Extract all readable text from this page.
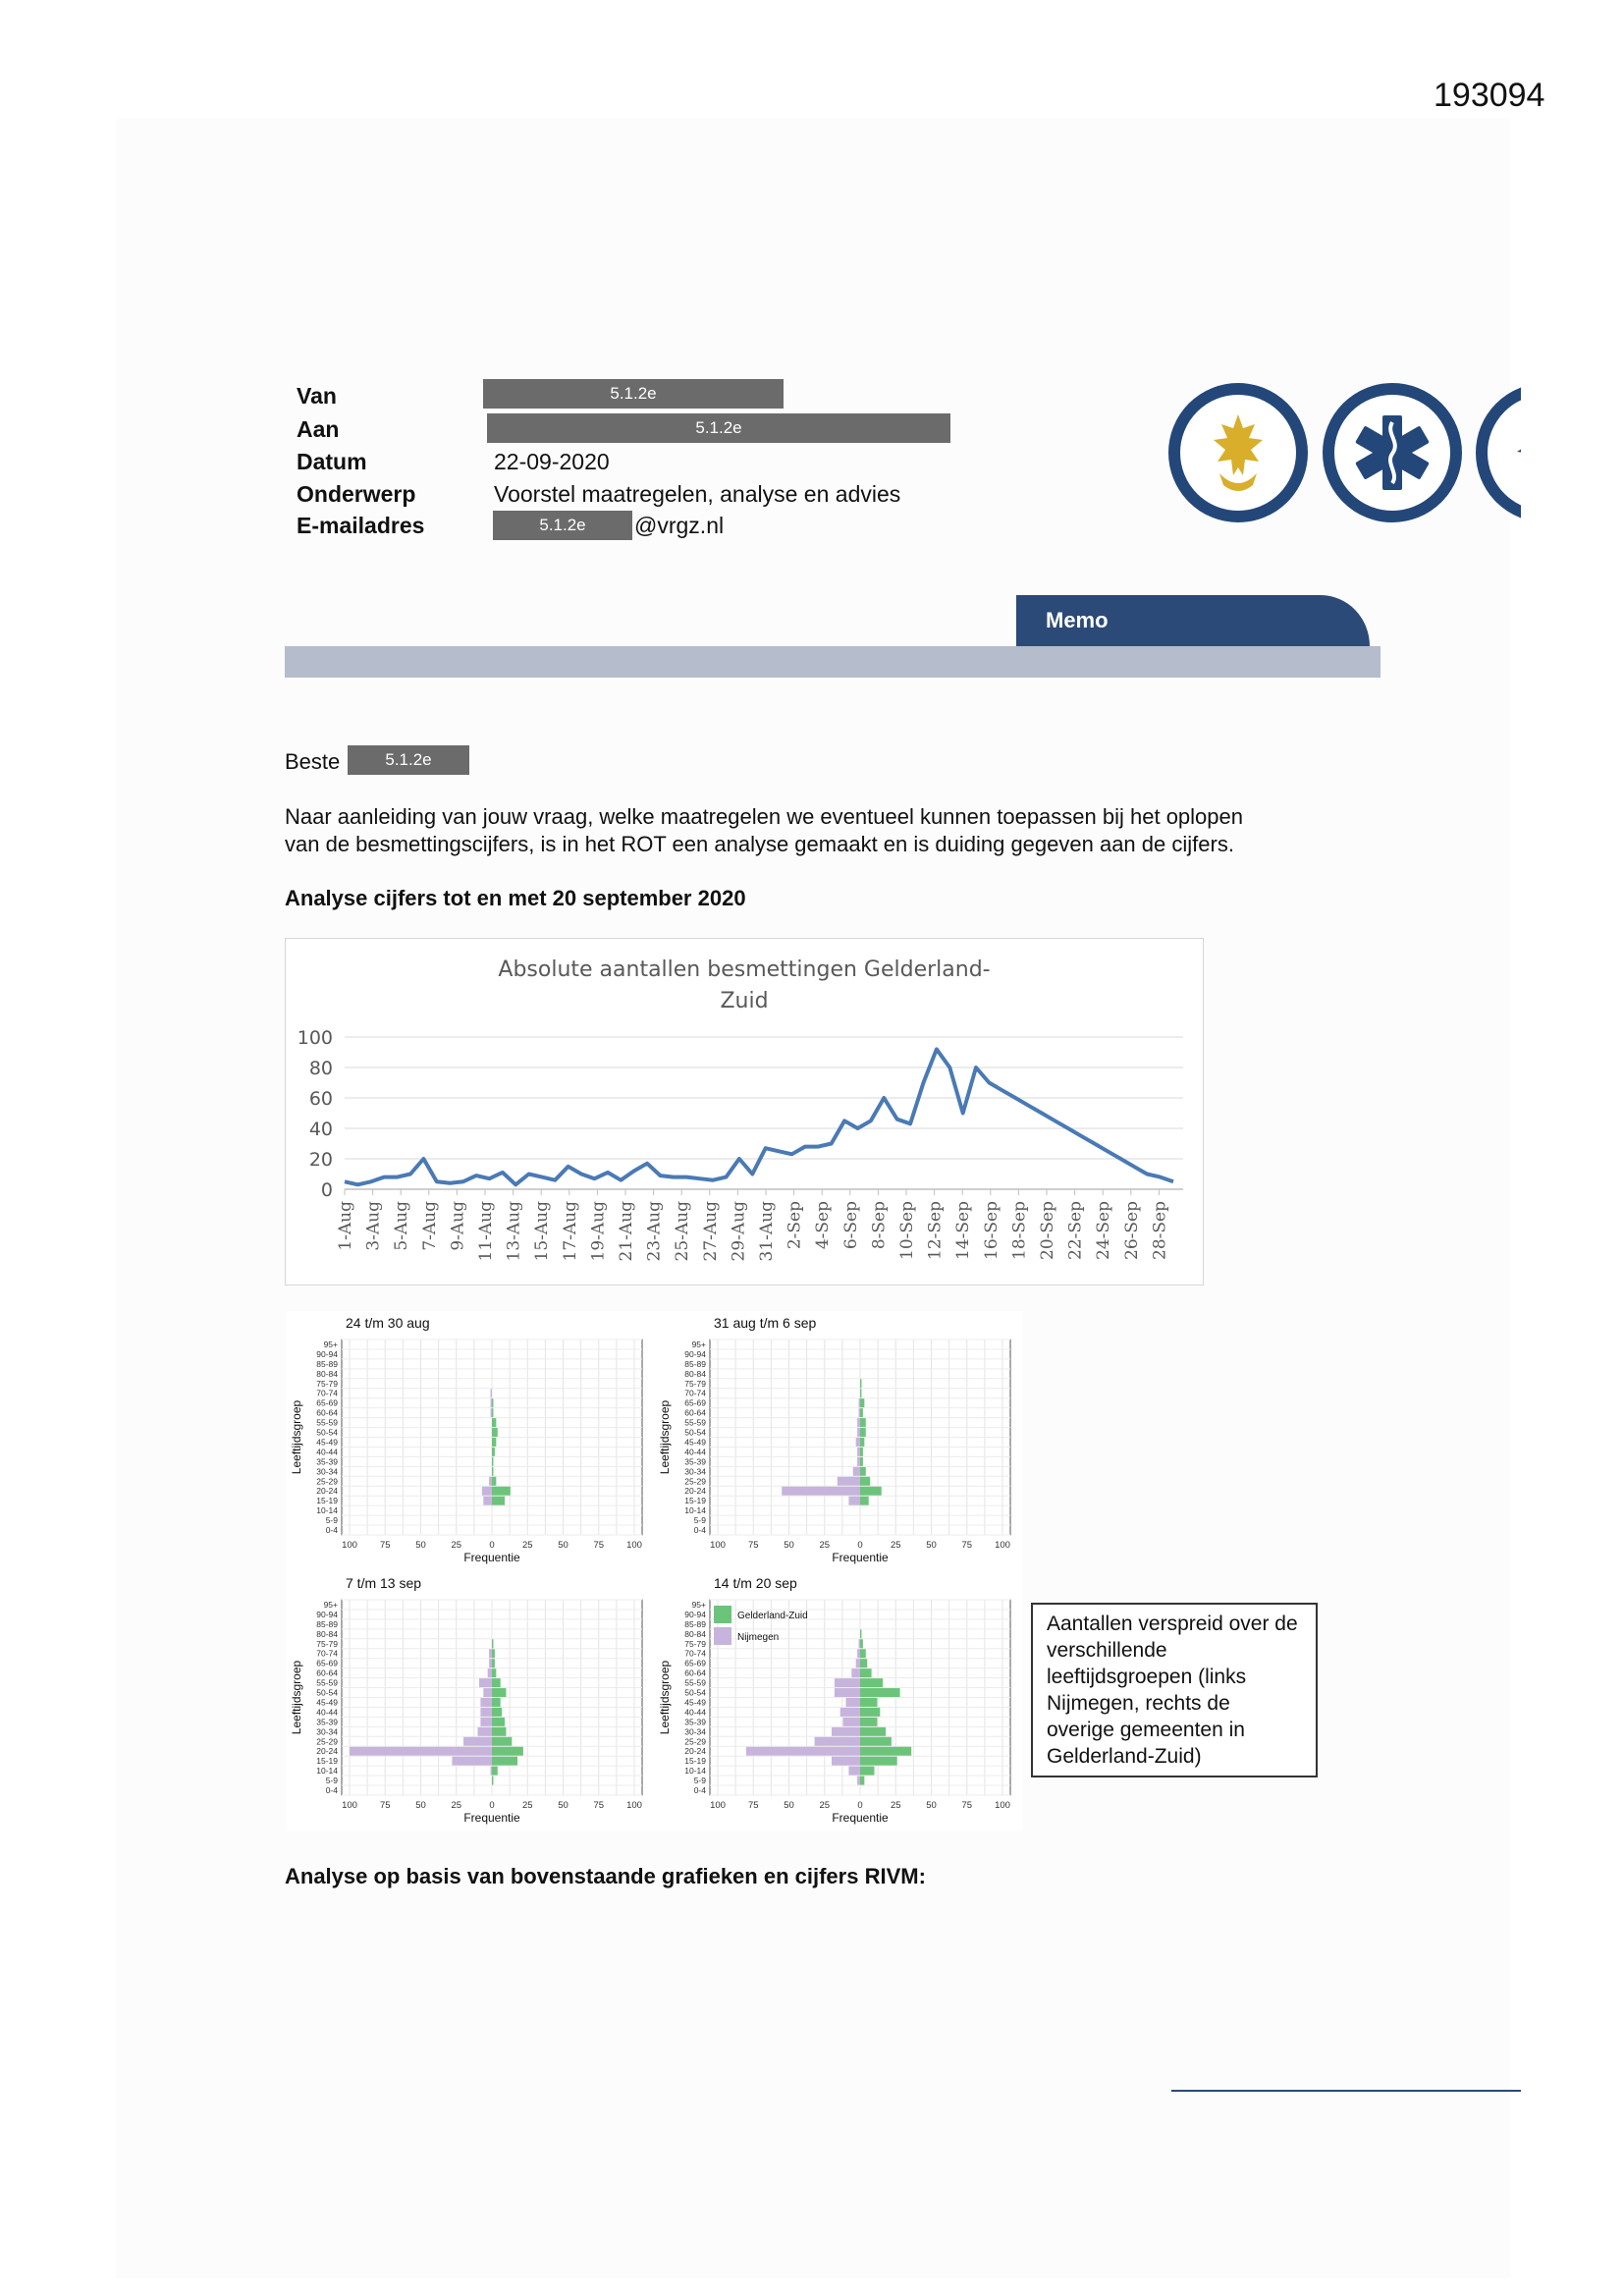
193094
Van	5.1.2e
Aan	5.1.2e
Datum	22-09-2020
Onderwerp	Voorstel maatregelen, analyse en advies
E-mailadres	5.1.2e	@vrgz.nl
Memo
Beste	5.1.2e
Naar aanleiding van jouw vraag, welke maatregelen we eventueel kunnen toepassen bij het oplopen
van de besmettingscijfers, is in het ROT een analyse gemaakt en is duiding gegeven aan de cijfers.
Analyse cijfers tot en met 20 september 2020
Absolute aantallen besmettingen Gelderland-
Zuid
0
20
40
60
80
100
1-Aug 3-Aug 5-Aug 7-Aug 9-Aug 11-Aug 13-Aug 15-Aug 17-Aug 19-Aug 21-Aug 23-Aug 25-Aug 27-Aug 29-Aug 31-Aug 2-Sep 4-Sep 6-Sep 8-Sep 10-Sep 12-Sep 14-Sep 16-Sep 18-Sep 20-Sep 22-Sep 24-Sep 26-Sep 28-Sep
24 t/m 30 aug
0-4
5-9
10-14
15-19
20-24
25-29
30-34
35-39
40-44
45-49
50-54
55-59
60-64
65-69
70-74
75-79
80-84
85-89
90-94
95+
100 75	50	25	0	25	50	75 100
Frequentie
Leeftijdsgroep
31 aug t/m 6 sep
0-4
5-9
10-14
15-19
20-24
25-29
30-34
35-39
40-44
45-49
50-54
55-59
60-64
65-69
70-74
75-79
80-84
85-89
90-94
95+
100 75	50	25	0	25	50	75 100
Frequentie
Leeftijdsgroep
7 t/m 13 sep
0-4
5-9
10-14
15-19
20-24
25-29
30-34
35-39
40-44
45-49
50-54
55-59
60-64
65-69
70-74
75-79
80-84
85-89
90-94
95+
100 75	50	25	0	25	50	75 100
Frequentie
Leeftijdsgroep
14 t/m 20 sep
0-4
5-9
10-14
15-19
20-24
25-29
30-34
35-39
40-44
45-49
50-54
55-59
60-64
65-69
70-74
75-79
80-84
85-89
90-94
95+
100 75	50	25	0	25	50	75 100
Frequentie
Leeftijdsgroep
Gelderland-Zuid
Nijmegen
Aantallen verspreid over de verschillende leeftijdsgroepen (links Nijmegen, rechts de overige gemeenten in Gelderland-Zuid)
Analyse op basis van bovenstaande grafieken en cijfers RIVM:
